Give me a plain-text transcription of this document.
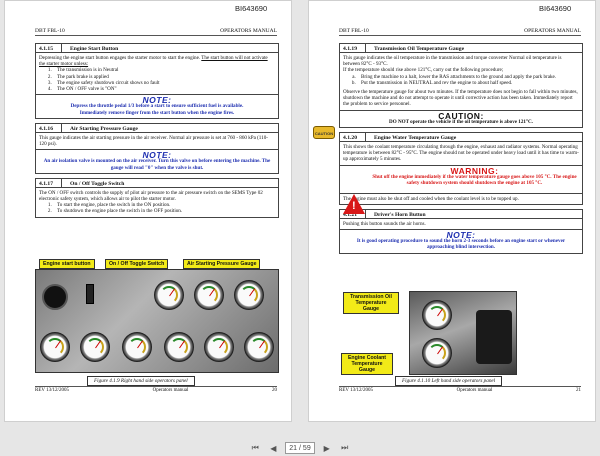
BI643690
DBT FBL-10	OPERATORS MANUAL
4.1.15	Engine Start Button
Depressing the engine start button engages the starter motor to start the engine. The start button will not activate the starter motor unless:
1. The transmission is in Neutral
2. The park brake is applied
3. The engine safety shutdown circuit shows no fault
4. The ON / OFF valve is "ON"
NOTE:
Depress the throttle pedal 1/3 before a start to ensure sufficient fuel is available.
Immediately remove finger from the start button when the engine fires.
4.1.16	Air Starting Pressure Gauge
This gauge indicates the air starting pressure in the air receiver. Normal air pressure is set at 760 - 860 kPa (110-120 psi).
NOTE:
An air isolation valve is mounted on the air receiver. Turn this valve on before entering the machine. The gauge will read "0" when the valve is shut.
4.1.17	On / Off Toggle Switch
The ON / OFF switch controls the supply of pilot air pressure to the air pressure switch on the SEMS Type 02 electronic safety system, which allows air to pilot the starter motor.
1. To start the engine, place the switch in the ON position.
2. To shutdown the engine place the switch in the OFF position.
Engine start button	On / Off Toggle Switch	Air Starting Pressure Gauge
Figure 4.1.9 Right hand side operators panel
REV 13/12/2005	Operators manual	20
BI643690
DBT FBL-10	OPERATORS MANUAL
4.1.19	Transmission Oil Temperature Gauge
This gauge indicates the oil temperature in the transmission and torque converter Normal oil temperature is between 82°C - 93°C.
If the temperature should rise above 121°C, carry out the following procedure;
a. Bring the machine to a halt, lower the RAS attachments to the ground and apply the park brake.
b. Put the transmission in NEUTRAL and rev the engine to about half speed.
Observe the temperature gauge for about two minutes. If the temperature does not begin to fall within two minutes, shutdown the machine and do not attempt to operate it until corrective action has been taken. Immediately report the problem to service personnel.
CAUTION:
DO NOT operate the vehicle if the oil temperature is above 121°C.
4.1.20	Engine Water Temperature Gauge
This shows the coolant temperature circulating through the engine, exhaust and radiator systems. Normal operating temperature is between 82°C - 95°C. The engine should not be operated under heavy load until it has time to warm-up approximately 5 minutes.
WARNING:
Shut off the engine immediately if the water temperature gauge goes above 105 °C. The engine safety shutdown system should shutdown the engine at 105 °C.
The engine must also be shut off and cooled when the coolant level is to be topped up.
4.1.21	Driver's Horn Button
Pushing this button sounds the air horns.
NOTE:
It is good operating procedure to sound the horn 2-3 seconds before an engine start or whenever approaching blind intersection.
CAUTION
!
Transmission Oil Temperature Gauge
Engine Coolant Temperature Gauge
Figure 4.1.10 Left hand side operators panel
REV 13/12/2005	Operators manual	21
⏮	◀	21
/
59	▶	⏭
